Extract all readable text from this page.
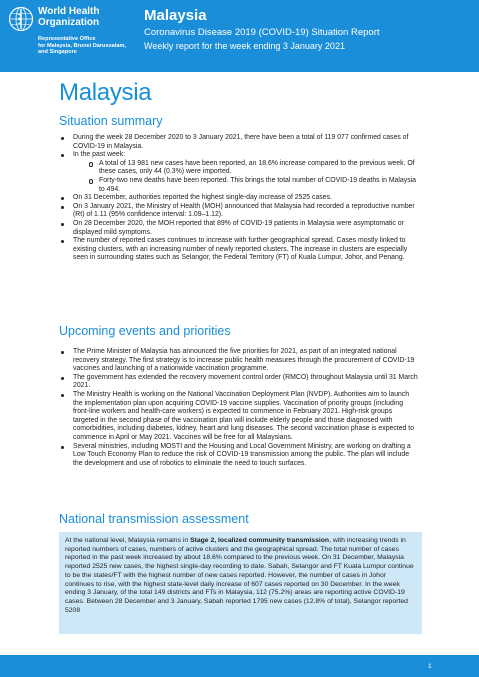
World Health
Organization
Representative Office
for Malaysia, Brunei Darussalam,
and Singapore
Malaysia
Coronavirus Disease 2019 (COVID-19) Situation Report
Weekly report for the week ending 3 January 2021
Malaysia
Situation summary
During the week 28 December 2020 to 3 January 2021, there have been a total of 119 077 confirmed cases of COVID-19 in Malaysia.
In the past week:
A total of 13 981 new cases have been reported, an 18.6% increase compared to the previous week. Of these cases, only 44 (0.3%) were imported.
Forty-two new deaths have been reported. This brings the total number of COVID-19 deaths in Malaysia to 494.
On 31 December, authorities reported the highest single-day increase of 2525 cases.
On 3 January 2021, the Ministry of Health (MOH) announced that Malaysia had recorded a reproductive number (Rt) of 1.11 (95% confidence interval: 1.09–1.12).
On 28 December 2020, the MOH reported that 89% of COVID-19 patients in Malaysia were asymptomatic or displayed mild symptoms.
The number of reported cases continues to increase with further geographical spread. Cases mostly linked to existing clusters, with an increasing number of newly reported clusters. The increase in clusters are especially seen in surrounding states such as Selangor, the Federal Territory (FT) of Kuala Lumpur, Johor, and Penang.
Upcoming events and priorities
The Prime Minister of Malaysia has announced the five priorities for 2021, as part of an integrated national recovery strategy. The first strategy is to increase public health measures through the procurement of COVID-19 vaccines and launching of a nationwide vaccination programme.
The government has extended the recovery movement control order (RMCO) throughout Malaysia until 31 March 2021.
The Ministry Health is working on the National Vaccination Deployment Plan (NVDP). Authorities aim to launch the implementation plan upon acquiring COVID-19 vaccine supplies. Vaccination of priority groups (including front-line workers and health-care workers) is expected to commence in February 2021. High-risk groups targeted in the second phase of the vaccination plan will include elderly people and those diagnosed with comorbidities, including diabetes, kidney, heart and lung diseases. The second vaccination phase is expected to commence in April or May 2021. Vaccines will be free for all Malaysians.
Several ministries, including MOSTI and the Housing and Local Government Ministry, are working on drafting a Low Touch Economy Plan to reduce the risk of COVID-19 transmission among the public. The plan will include the development and use of robotics to eliminate the need to touch surfaces.
National transmission assessment
At the national level, Malaysia remains in Stage 2, localized community transmission, with increasing trends in reported numbers of cases, numbers of active clusters and the geographical spread. The total number of cases reported in the past week increased by about 18.6% compared to the previous week. On 31 December, Malaysia reported 2525 new cases, the highest single-day recording to date. Sabah, Selangor and FT Kuala Lumpur continue to be the states/FT with the highest number of new cases reported. However, the number of cases in Johor continues to rise, with the highest state-level daily increase of 607 cases reported on 30 December. In the week ending 3 January, of the total 149 districts and FTs in Malaysia, 112 (75.2%) areas are reporting active COVID-19 cases. Between 28 December and 3 January, Sabah reported 1795 new cases (12.8% of total), Selangor reported 5208
1
